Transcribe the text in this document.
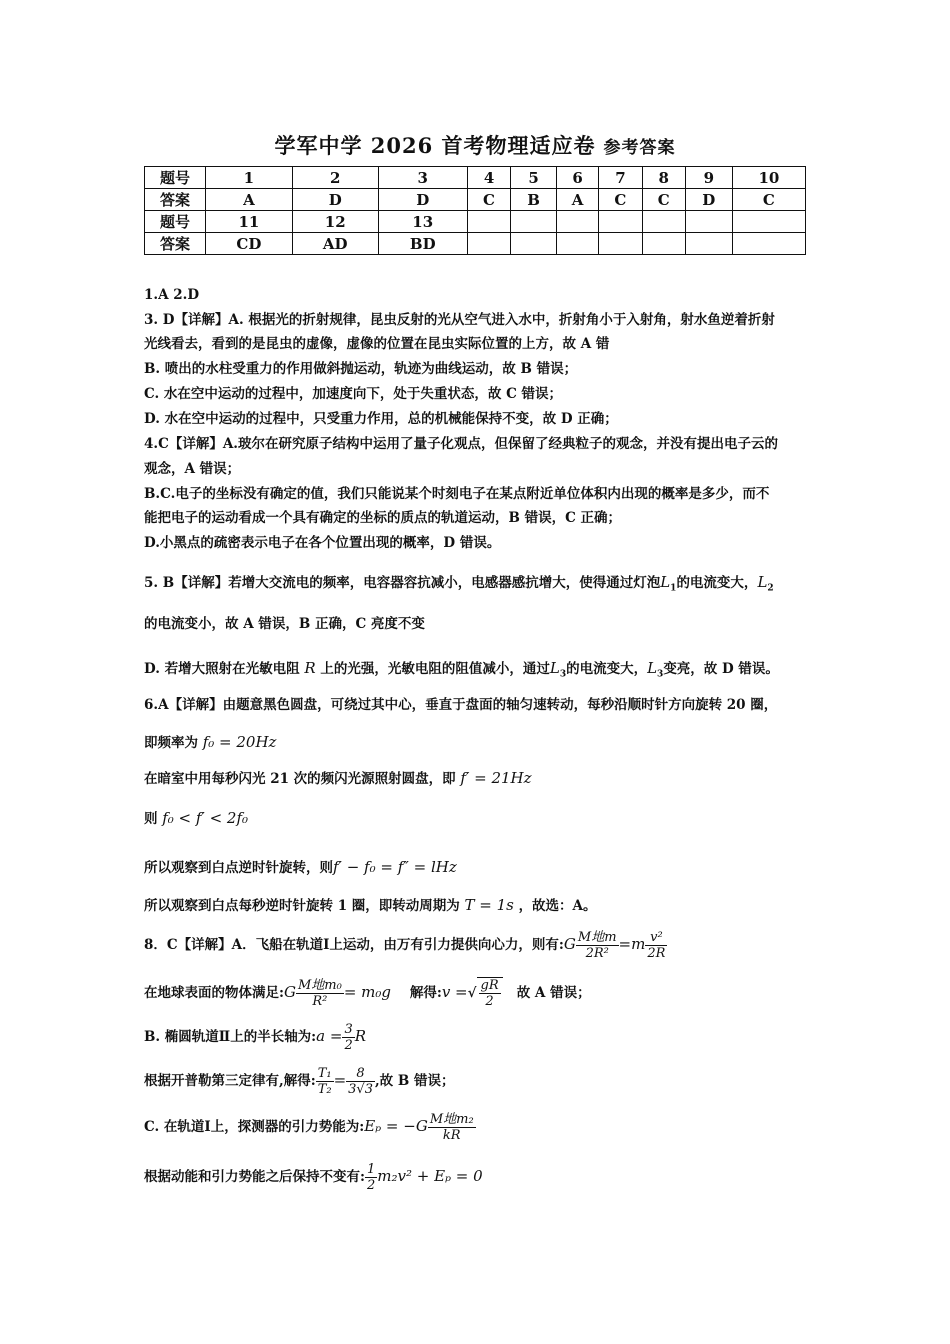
学军中学 2026 首考物理适应卷 参考答案
题号	1	2	3	4	5	6	7	8	9	10
答案	A	D	D	C	B	A	C	C	D	C
题号	11	12	13							
答案	CD	AD	BD							
1.A 2.D
3. D【详解】A. 根据光的折射规律，昆虫反射的光从空气进入水中，折射角小于入射角，射水鱼逆着折射
光线看去，看到的是昆虫的虚像，虚像的位置在昆虫实际位置的上方，故 A 错
B. 喷出的水柱受重力的作用做斜抛运动，轨迹为曲线运动，故 B 错误；
C. 水在空中运动的过程中，加速度向下，处于失重状态，故 C 错误；
D. 水在空中运动的过程中，只受重力作用，总的机械能保持不变，故 D 正确；
4.C【详解】A.玻尔在研究原子结构中运用了量子化观点，但保留了经典粒子的观念，并没有提出电子云的
观念，A 错误；
B.C.电子的坐标没有确定的值，我们只能说某个时刻电子在某点附近单位体积内出现的概率是多少，而不
能把电子的运动看成一个具有确定的坐标的质点的轨道运动，B 错误，C 正确；
D.小黑点的疏密表示电子在各个位置出现的概率，D 错误。
5. B【详解】若增大交流电的频率，电容器容抗减小，电感器感抗增大，使得通过灯泡$L_1$的电流变大，$L_2$
的电流变小，故 A 错误，B 正确，C 亮度不变
D. 若增大照射在光敏电阻 R 上的光强，光敏电阻的阻值减小，通过$L_3$的电流变大，$L_3$变亮，故 D 错误。
6.A【详解】由题意黑色圆盘，可绕过其中心，垂直于盘面的轴匀速转动，每秒沿顺时针方向旋转 20 圈，
即频率为 f₀ = 20Hz
在暗室中用每秒闪光 21 次的频闪光源照射圆盘，即 f′ = 21Hz
则 f₀ < f′ < 2f₀
所以观察到白点逆时针旋转，则f′ − f₀ = f″ = lHz
所以观察到白点每秒逆时针旋转 1 圈，即转动周期为 T = 1s ，故选：A。
8．C【详解】A．飞船在轨道Ⅰ上运动，由万有引力提供向心力，则有:G $\frac{\text{M地m}}{\text{2R²}} =m \frac{\text{v²}}{2R}$
在地球表面的物体满足:G $\frac{\text{M地m₀}}{\text{R²}} = m_0g$ 解得:v =√ $\frac{gR}{2}$ 故 A 错误；
B. 椭圆轨道Ⅱ上的半长轴为:a = $\frac{3}{2}$ R
根据开普勒第三定律有,解得: $\frac{\text{T₁}}{\text{T₂}} = \frac{8}{3√3}$ ,故 B 错误；
C. 在轨道Ⅰ上，探测器的引力势能为:Eₚ = $-G \frac{\text{M地m₂}}{kR}$
根据动能和引力势能之后保持不变有: $\frac{1}{2} m_2v^2 + E_p = 0$
